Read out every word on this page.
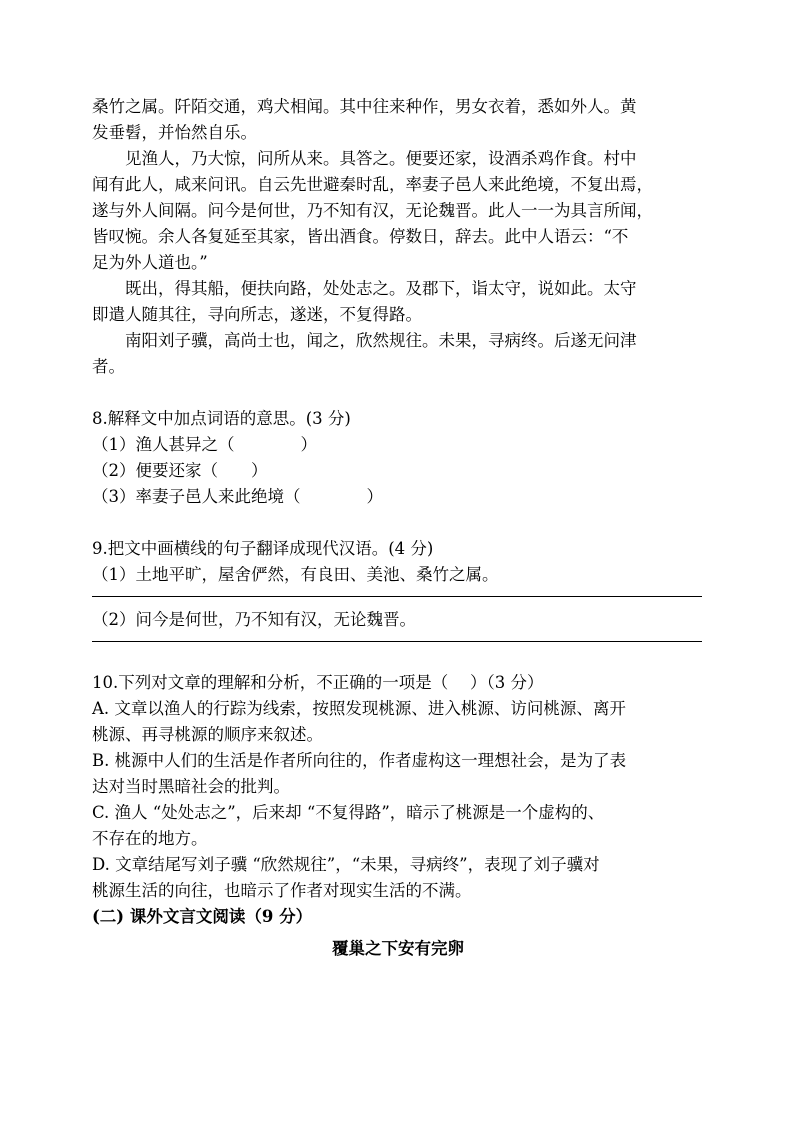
桑竹之属。阡陌交通，鸡犬相闻。其中往来种作，男女衣着，悉如外人。黄
发垂髫，并怡然自乐。
见渔人，乃大惊，问所从来。具答之。便要还家，设酒杀鸡作食。村中
闻有此人，咸来问讯。自云先世避秦时乱，率妻子邑人来此绝境，不复出焉，
遂与外人间隔。问今是何世，乃不知有汉，无论魏晋。此人一一为具言所闻，
皆叹惋。余人各复延至其家，皆出酒食。停数日，辞去。此中人语云：“不
足为外人道也。”
既出，得其船，便扶向路，处处志之。及郡下，诣太守，说如此。太守
即遣人随其往，寻向所志，遂迷，不复得路。
南阳刘子骥，高尚士也，闻之，欣然规往。未果，寻病终。后遂无问津
者。
8.解释文中加点词语的意思。(3 分)
（1）渔人甚异之（　　　　）
（2）便要还家（　　）
（3）率妻子邑人来此绝境（　　　　）
9.把文中画横线的句子翻译成现代汉语。(4 分)
（1）土地平旷，屋舍俨然，有良田、美池、桑竹之属。
（2）问今是何世，乃不知有汉，无论魏晋。
10.下列对文章的理解和分析，不正确的一项是（　 ）（3 分）
A. 文章以渔人的行踪为线索，按照发现桃源、进入桃源、访问桃源、离开
桃源、再寻桃源的顺序来叙述。
B. 桃源中人们的生活是作者所向往的，作者虚构这一理想社会，是为了表
达对当时黑暗社会的批判。
C. 渔人 “处处志之”，后来却 “不复得路”，暗示了桃源是一个虚构的、
不存在的地方。
D. 文章结尾写刘子骥 “欣然规往”，“未果，寻病终”，表现了刘子骥对
桃源生活的向往，也暗示了作者对现实生活的不满。
(二) 课外文言文阅读（9 分）
覆巢之下安有完卵
